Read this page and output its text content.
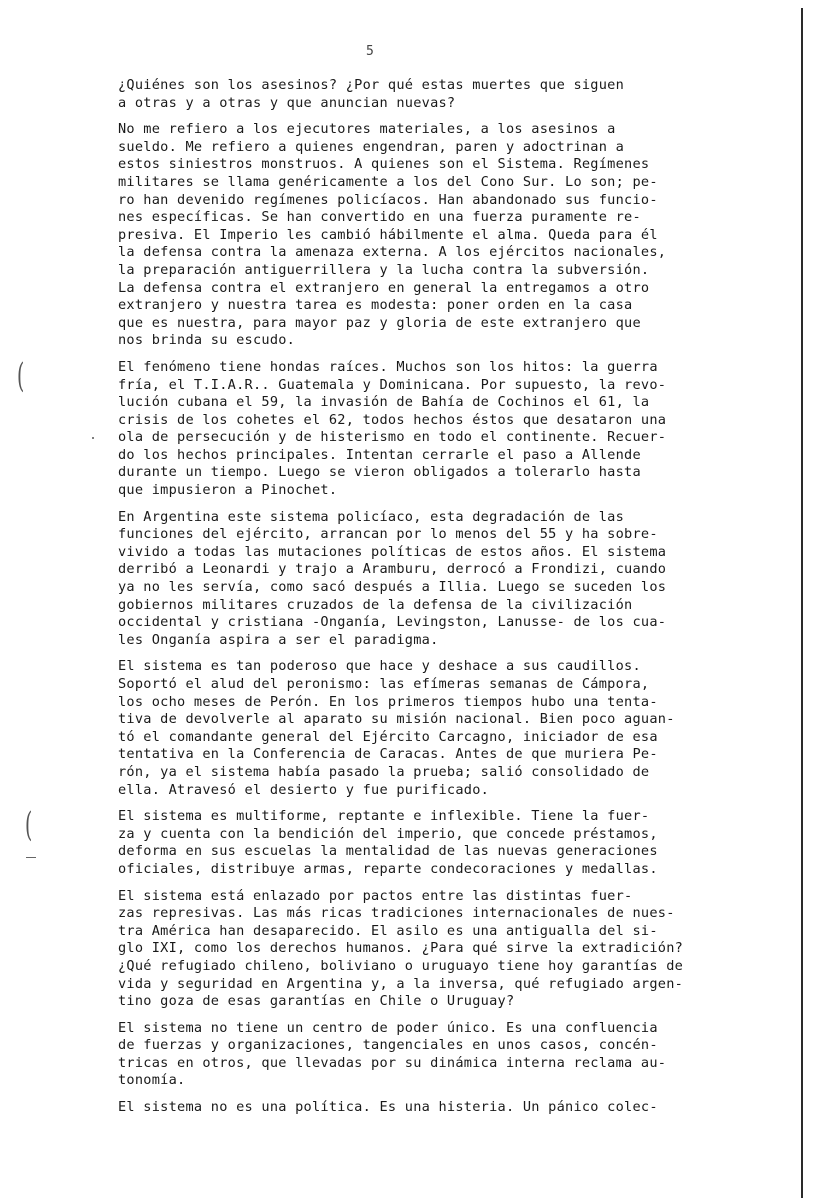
(
(
5
¿Quiénes son los asesinos? ¿Por qué estas muertes que siguen
a otras y a otras y que anuncian nuevas?
No me refiero a los ejecutores materiales, a los asesinos a
sueldo. Me refiero a quienes engendran, paren y adoctrinan a
estos siniestros monstruos. A quienes son el Sistema. Regímenes
militares se llama genéricamente a los del Cono Sur. Lo son; pe-
ro han devenido regímenes policíacos. Han abandonado sus funcio-
nes específicas. Se han convertido en una fuerza puramente re-
presiva. El Imperio les cambió hábilmente el alma. Queda para él
la defensa contra la amenaza externa. A los ejércitos nacionales,
la preparación antiguerrillera y la lucha contra la subversión.
La defensa contra el extranjero en general la entregamos a otro
extranjero y nuestra tarea es modesta: poner orden en la casa
que es nuestra, para mayor paz y gloria de este extranjero que
nos brinda su escudo.
El fenómeno tiene hondas raíces. Muchos son los hitos: la guerra
fría, el T.I.A.R.. Guatemala y Dominicana. Por supuesto, la revo-
lución cubana el 59, la invasión de Bahía de Cochinos el 61, la
crisis de los cohetes el 62, todos hechos éstos que desataron una
ola de persecución y de histerismo en todo el continente. Recuer-
do los hechos principales. Intentan cerrarle el paso a Allende
durante un tiempo. Luego se vieron obligados a tolerarlo hasta
que impusieron a Pinochet.
En Argentina este sistema policíaco, esta degradación de las
funciones del ejército, arrancan por lo menos del 55 y ha sobre-
vivido a todas las mutaciones políticas de estos años. El sistema
derribó a Leonardi y trajo a Aramburu, derrocó a Frondizi, cuando
ya no les servía, como sacó después a Illia. Luego se suceden los
gobiernos militares cruzados de la defensa de la civilización
occidental y cristiana -Onganía, Levingston, Lanusse- de los cua-
les Onganía aspira a ser el paradigma.
El sistema es tan poderoso que hace y deshace a sus caudillos.
Soportó el alud del peronismo: las efímeras semanas de Cámpora,
los ocho meses de Perón. En los primeros tiempos hubo una tenta-
tiva de devolverle al aparato su misión nacional. Bien poco aguan-
tó el comandante general del Ejército Carcagno, iniciador de esa
tentativa en la Conferencia de Caracas. Antes de que muriera Pe-
rón, ya el sistema había pasado la prueba; salió consolidado de
ella. Atravesó el desierto y fue purificado.
El sistema es multiforme, reptante e inflexible. Tiene la fuer-
za y cuenta con la bendición del imperio, que concede préstamos,
deforma en sus escuelas la mentalidad de las nuevas generaciones
oficiales, distribuye armas, reparte condecoraciones y medallas.
El sistema está enlazado por pactos entre las distintas fuer-
zas represivas. Las más ricas tradiciones internacionales de nues-
tra América han desaparecido. El asilo es una antigualla del si-
glo IXI, como los derechos humanos. ¿Para qué sirve la extradición?
¿Qué refugiado chileno, boliviano o uruguayo tiene hoy garantías de
vida y seguridad en Argentina y, a la inversa, qué refugiado argen-
tino goza de esas garantías en Chile o Uruguay?
El sistema no tiene un centro de poder único. Es una confluencia
de fuerzas y organizaciones, tangenciales en unos casos, concén-
tricas en otros, que llevadas por su dinámica interna reclama au-
tonomía.
El sistema no es una política. Es una histeria. Un pánico colec-
